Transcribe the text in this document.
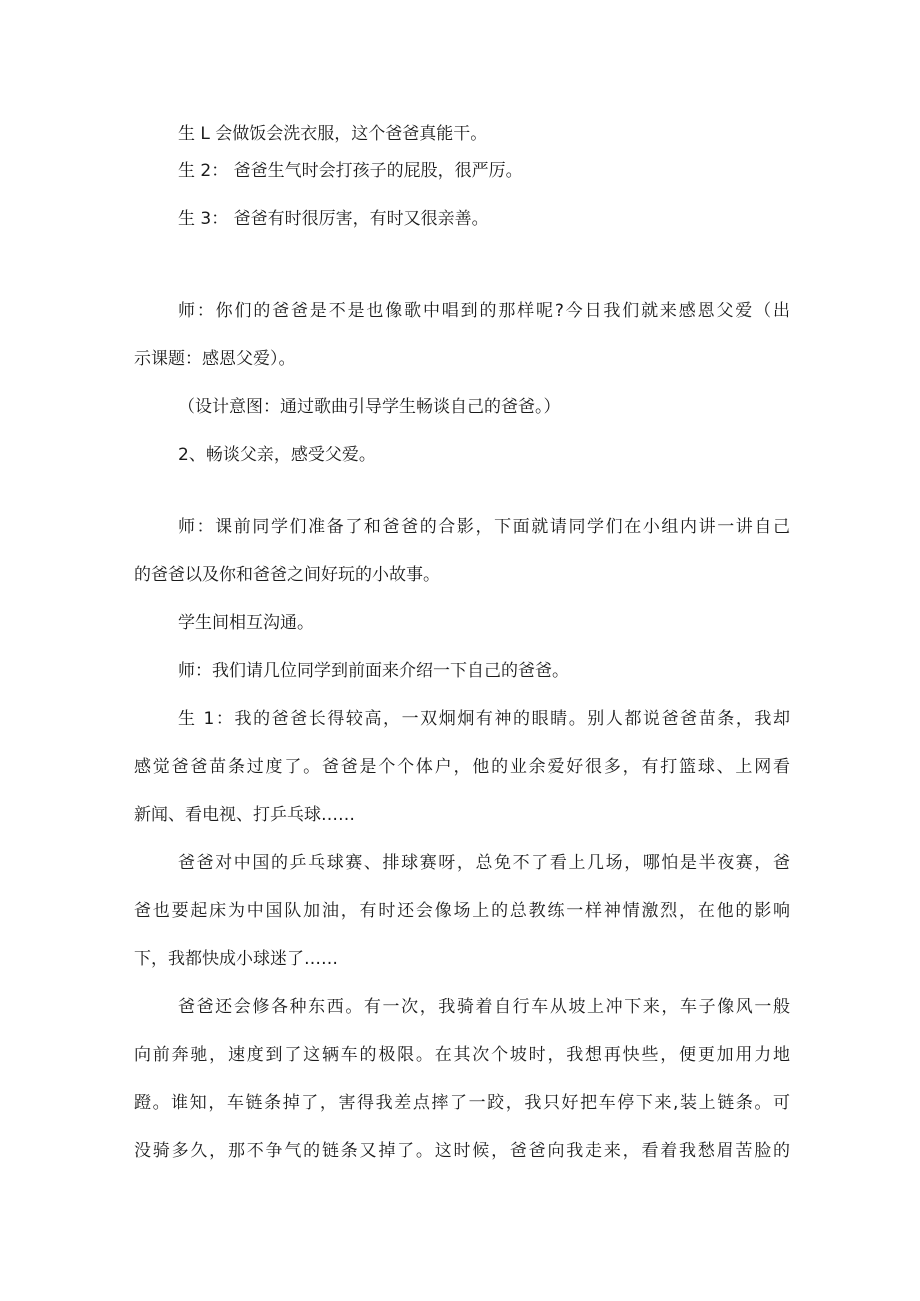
生 L 会做饭会洗衣服，这个爸爸真能干。

生 2： 爸爸生气时会打孩子的屁股，很严厉。

生 3： 爸爸有时很厉害，有时又很亲善。

师：你们的爸爸是不是也像歌中唱到的那样呢?今日我们就来感恩父爱（出

示课题：感恩父爱）。

（设计意图：通过歌曲引导学生畅谈自己的爸爸。）

2、畅谈父亲，感受父爱。

师：课前同学们准备了和爸爸的合影，下面就请同学们在小组内讲一讲自己

的爸爸以及你和爸爸之间好玩的小故事。

学生间相互沟通。

师：我们请几位同学到前面来介绍一下自己的爸爸。

生 1：我的爸爸长得较高，一双炯炯有神的眼睛。别人都说爸爸苗条，我却

感觉爸爸苗条过度了。爸爸是个个体户，他的业余爱好很多，有打篮球、上网看

新闻、看电视、打乒乓球……

爸爸对中国的乒乓球赛、排球赛呀，总免不了看上几场，哪怕是半夜赛，爸

爸也要起床为中国队加油，有时还会像场上的总教练一样神情激烈，在他的影响

下，我都快成小球迷了……

爸爸还会修各种东西。有一次，我骑着自行车从坡上冲下来，车子像风一般

向前奔驰，速度到了这辆车的极限。在其次个坡时，我想再快些，便更加用力地

蹬。谁知，车链条掉了，害得我差点摔了一跤，我只好把车停下来,装上链条。可

没骑多久，那不争气的链条又掉了。这时候，爸爸向我走来，看着我愁眉苦脸的
